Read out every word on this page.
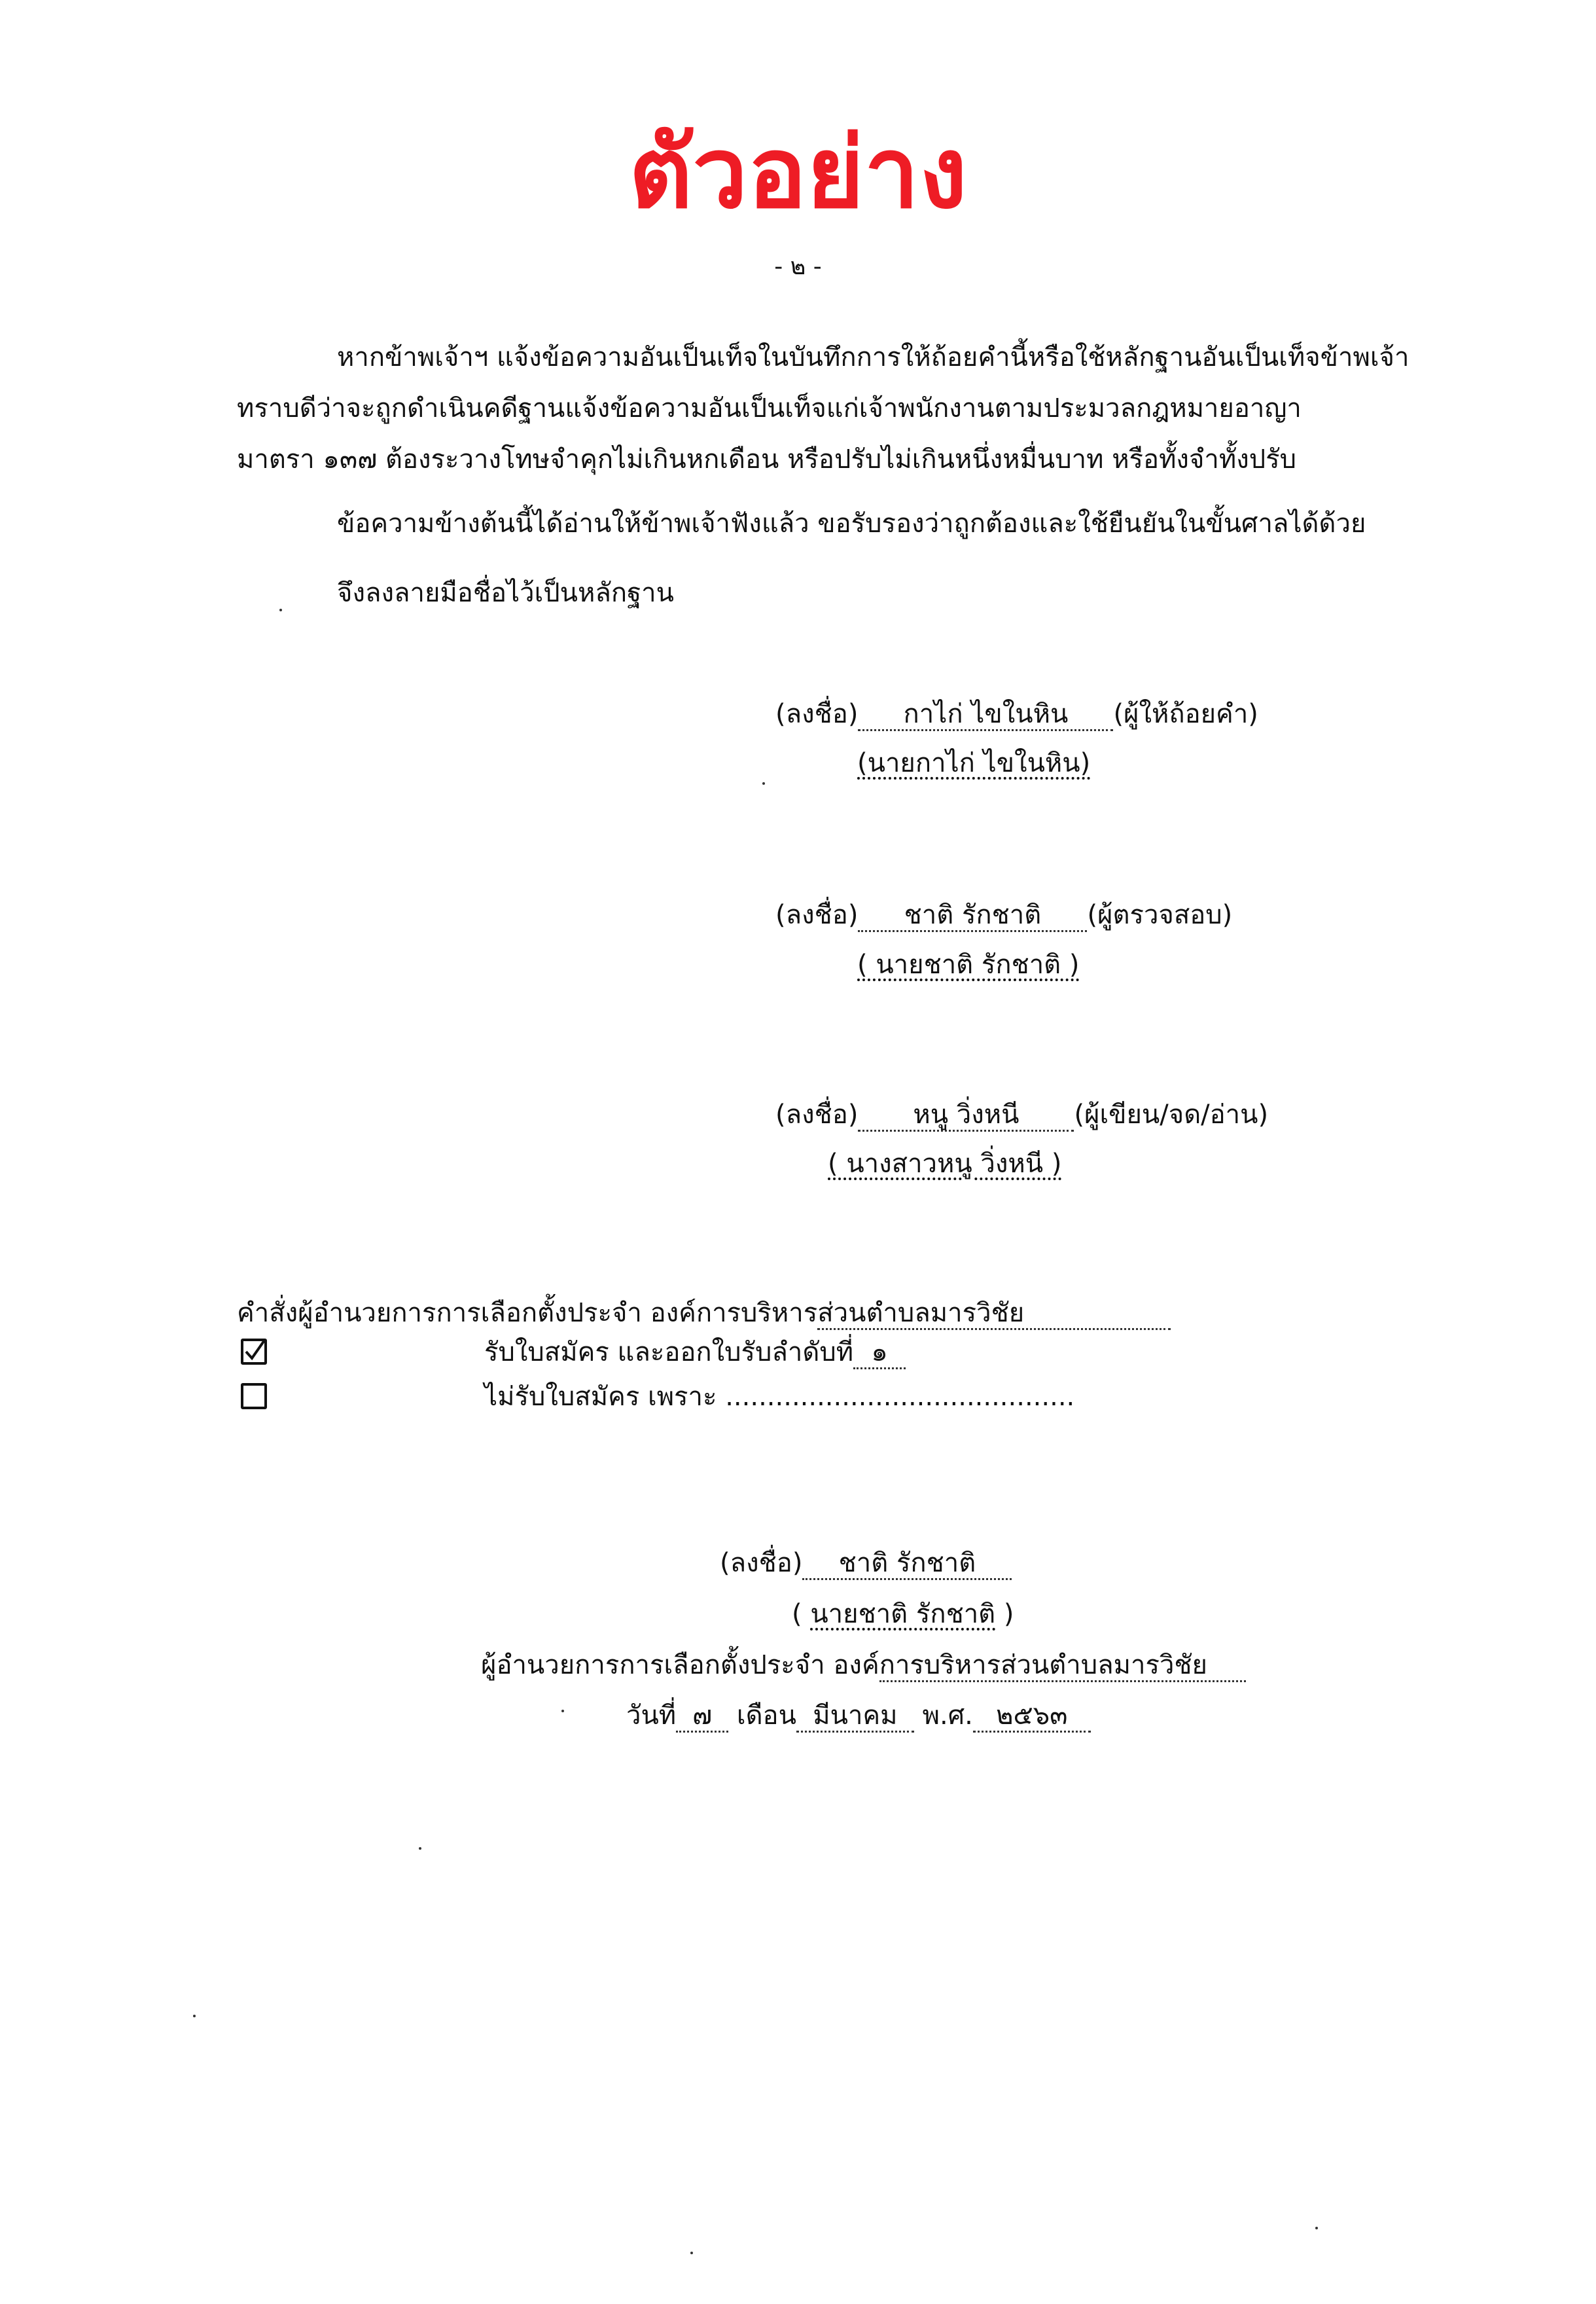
ตัวอย่าง
- ๒ -
หากข้าพเจ้าฯ แจ้งข้อความอันเป็นเท็จในบันทึกการให้ถ้อยคำนี้หรือใช้หลักฐานอันเป็นเท็จข้าพเจ้า
ทราบดีว่าจะถูกดำเนินคดีฐานแจ้งข้อความอันเป็นเท็จแก่เจ้าพนักงานตามประมวลกฎหมายอาญา
มาตรา ๑๓๗ ต้องระวางโทษจำคุกไม่เกินหกเดือน หรือปรับไม่เกินหนึ่งหมื่นบาท หรือทั้งจำทั้งปรับ
ข้อความข้างต้นนี้ได้อ่านให้ข้าพเจ้าฟังแล้ว ขอรับรองว่าถูกต้องและใช้ยืนยันในขั้นศาลได้ด้วย
จึงลงลายมือชื่อไว้เป็นหลักฐาน
(ลงชื่อ) กาไก่ ไขในหิน (ผู้ให้ถ้อยคำ)
(นายกาไก่ ไขในหิน)
(ลงชื่อ) ชาติ รักชาติ (ผู้ตรวจสอบ)
( นายชาติ รักชาติ )
(ลงชื่อ) หนู วิ่งหนี (ผู้เขียน/จด/อ่าน)
( นางสาวหนู วิ่งหนี )
คำสั่งผู้อำนวยการการเลือกตั้งประจำ องค์การบริหารส่วนตำบลมารวิชัย
รับใบสมัคร และออกใบรับลำดับที่ ๑
ไม่รับใบสมัคร เพราะ ..........................................
(ลงชื่อ) ชาติ รักชาติ
( นายชาติ รักชาติ )
ผู้อำนวยการการเลือกตั้งประจำ องค์การบริหารส่วนตำบลมารวิชัย
วันที่ ๗ เดือน มีนาคม พ.ศ. ๒๕๖๓
